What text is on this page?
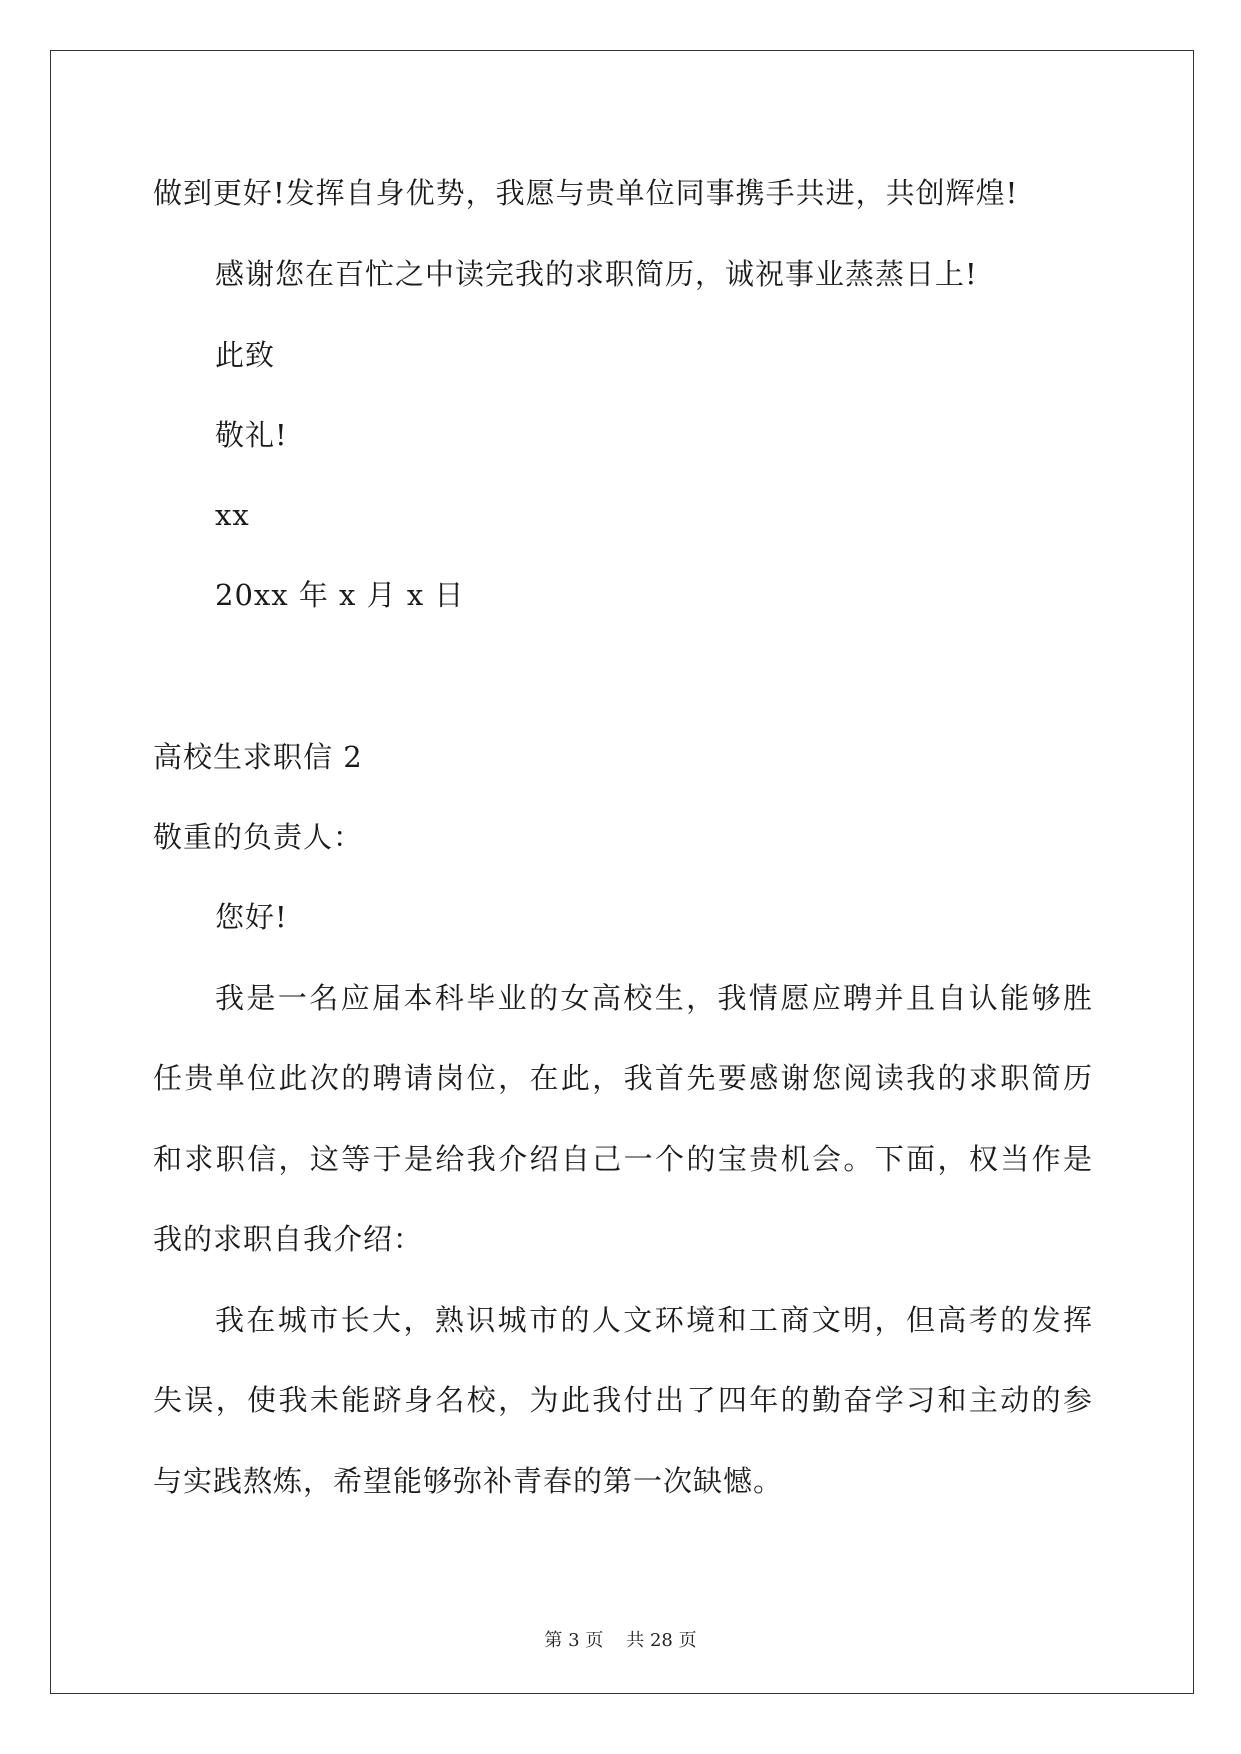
做到更好!发挥自身优势，我愿与贵单位同事携手共进，共创辉煌!
感谢您在百忙之中读完我的求职简历，诚祝事业蒸蒸日上!
此致
敬礼!
xx
20xx 年 x 月 x 日
高校生求职信 2
敬重的负责人：
您好!
我是一名应届本科毕业的女高校生，我情愿应聘并且自认能够胜
任贵单位此次的聘请岗位，在此，我首先要感谢您阅读我的求职简历
和求职信，这等于是给我介绍自己一个的宝贵机会。下面，权当作是
我的求职自我介绍：
我在城市长大，熟识城市的人文环境和工商文明，但高考的发挥
失误，使我未能跻身名校，为此我付出了四年的勤奋学习和主动的参
与实践熬炼，希望能够弥补青春的第一次缺憾。
第 3 页 共 28 页
